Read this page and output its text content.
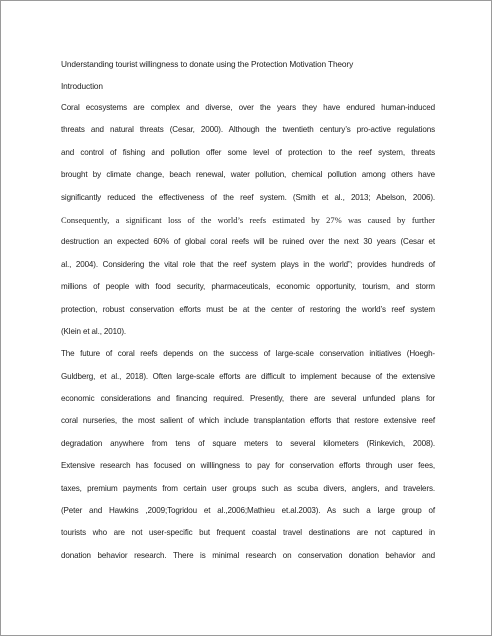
Understanding tourist willingness to donate using the Protection Motivation Theory
Introduction
Coral ecosystems are complex and diverse, over the years they have endured human-induced
threats and natural threats (Cesar, 2000). Although the twentieth century’s pro-active regulations
and control of fishing and pollution offer some level of protection to the reef system, threats
brought by climate change, beach renewal, water pollution, chemical pollution among others have
significantly reduced the effectiveness of the reef system. (Smith et al., 2013; Abelson, 2006).
Consequently, a significant loss of the world’s reefs estimated by 27% was caused by further
destruction an expected 60% of global coral reefs will be ruined over the next 30 years (Cesar et
al., 2004). Considering the vital role that the reef system plays in the world”; provides hundreds of
millions of people with food security, pharmaceuticals, economic opportunity, tourism, and storm
protection, robust conservation efforts must be at the center of restoring the world’s reef system
(Klein et al., 2010).
The future of coral reefs depends on the success of large-scale conservation initiatives (Hoegh-
Guldberg, et al., 2018). Often large-scale efforts are difficult to implement because of the extensive
economic considerations and financing required. Presently, there are several unfunded plans for
coral nurseries, the most salient of which include transplantation efforts that restore extensive reef
degradation anywhere from tens of square meters to several kilometers (Rinkevich, 2008).
Extensive research has focused on willlingness to pay for conservation efforts through user fees,
taxes, premium payments from certain user groups such as scuba divers, anglers, and travelers.
(Peter and Hawkins ,2009;Togridou et al.,2006;Mathieu et.al.2003). As such a large group of
tourists who are not user-specific but frequent coastal travel destinations are not captured in
donation behavior research. There is minimal research on conservation donation behavior and
